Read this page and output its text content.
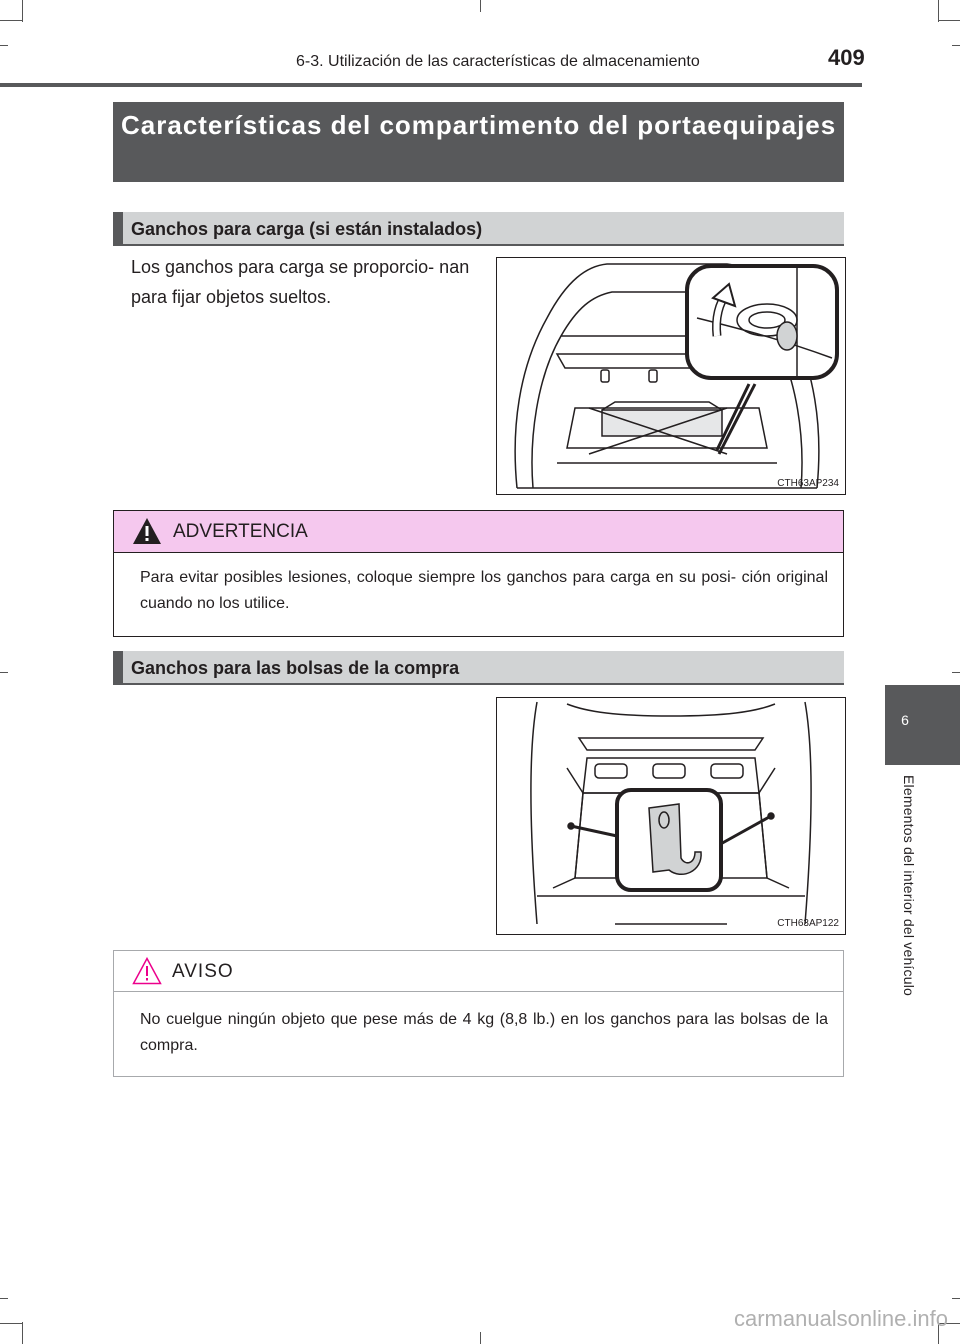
6-3. Utilización de las características de almacenamiento	409
6
Elementos del interior del vehículo
Características del compartimento del portaequipajes
Ganchos para carga (si están instalados)
Los ganchos para carga se proporcio- nan para fijar objetos sueltos.
CTH63AP234
ADVERTENCIA
Para evitar posibles lesiones, coloque siempre los ganchos para carga en su posi- ción original cuando no los utilice.
Ganchos para las bolsas de la compra
CTH63AP122
AVISO
No cuelgue ningún objeto que pese más de 4 kg (8,8 lb.) en los ganchos para las bolsas de la compra.
carmanualsonline.info
